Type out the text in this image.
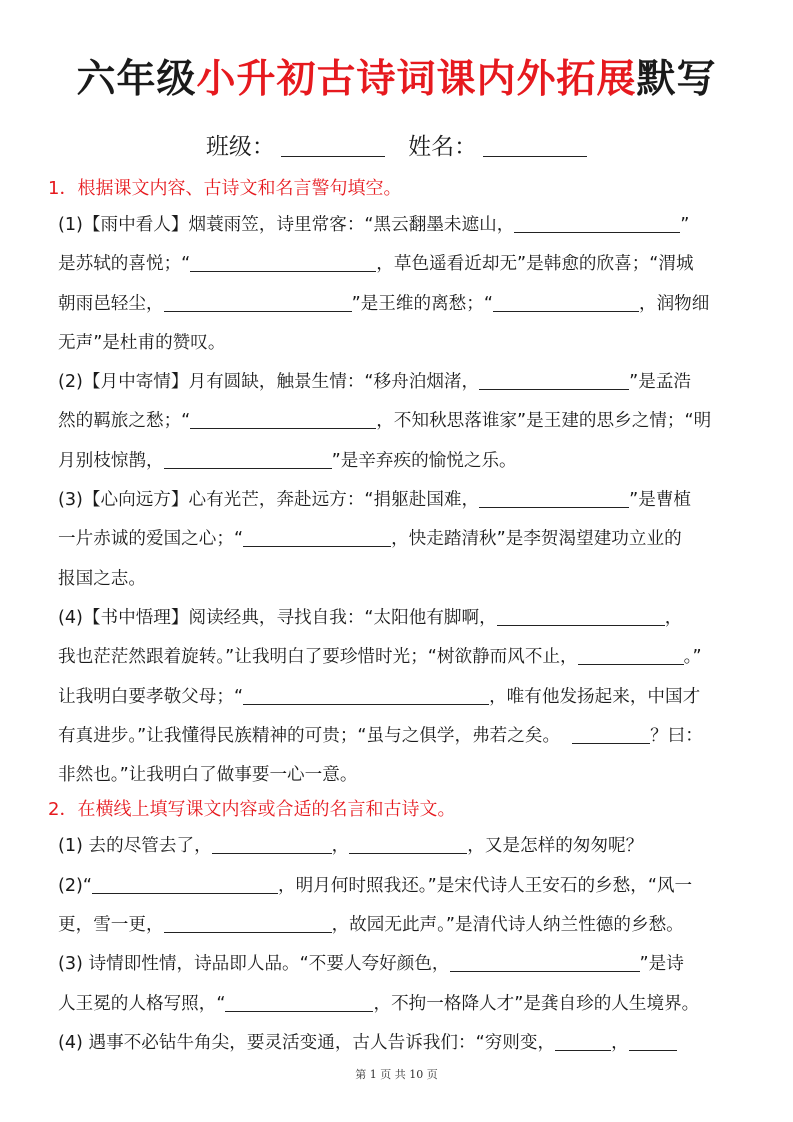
六年级小升初古诗词课内外拓展默写
班级：	姓名：
1．根据课文内容、古诗文和名言警句填空。
(1)【雨中看人】烟蓑雨笠，诗里常客：“黑云翻墨未遮山，	”
是苏轼的喜悦；“	，草色遥看近却无”是韩愈的欣喜；“渭城
朝雨邑轻尘，	”是王维的离愁；“	，润物细
无声”是杜甫的赞叹。
(2)【月中寄情】月有圆缺，触景生情：“移舟泊烟渚，	”是孟浩
然的羁旅之愁；“	，不知秋思落谁家”是王建的思乡之情；“明
月别枝惊鹊，	”是辛弃疾的愉悦之乐。
(3)【心向远方】心有光芒，奔赴远方：“捐躯赴国难，	”是曹植
一片赤诚的爱国之心；“	，快走踏清秋”是李贺渴望建功立业的
报国之志。
(4)【书中悟理】阅读经典，寻找自我：“太阳他有脚啊，	，
我也茫茫然跟着旋转。”让我明白了要珍惜时光；“树欲静而风不止，	。”
让我明白要孝敬父母；“	，唯有他发扬起来，中国才
有真进步。”让我懂得民族精神的可贵；“虽与之俱学，弗若之矣。	？曰：
非然也。”让我明白了做事要一心一意。
2．在横线上填写课文内容或合适的名言和古诗文。
(1) 去的尽管去了，	，	，又是怎样的匆匆呢？
(2)“	，明月何时照我还。”是宋代诗人王安石的乡愁，“风一
更，雪一更，	，故园无此声。”是清代诗人纳兰性德的乡愁。
(3) 诗情即性情，诗品即人品。“不要人夸好颜色，	”是诗
人王冕的人格写照，“	，不拘一格降人才”是龚自珍的人生境界。
(4) 遇事不必钻牛角尖，要灵活变通，古人告诉我们：“穷则变，	，
第 1 页 共 10 页
